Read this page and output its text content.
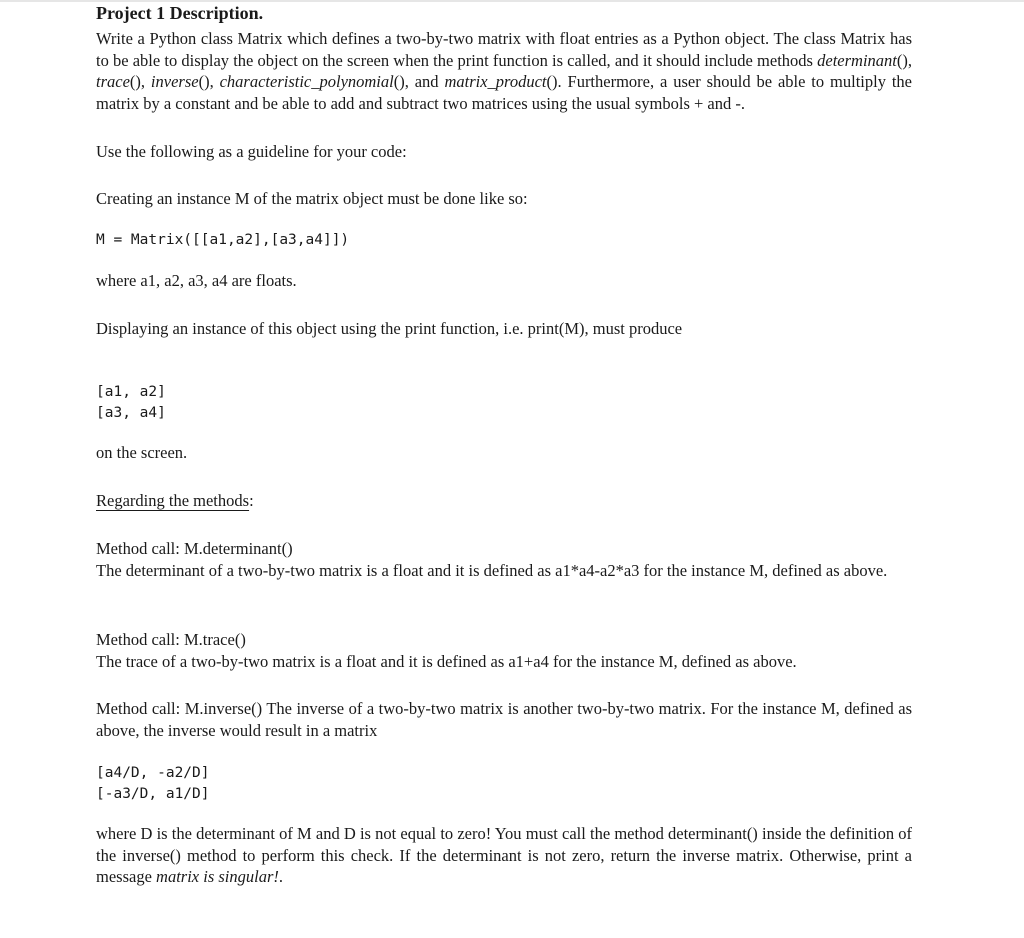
Project 1 Description.
Write a Python class Matrix which defines a two-by-two matrix with float entries as a Python object. The class Matrix has to be able to display the object on the screen when the print function is called, and it should include methods determinant(), trace(), inverse(), characteristic_polynomial(), and matrix_product(). Furthermore, a user should be able to multiply the matrix by a constant and be able to add and subtract two matrices using the usual symbols + and -.
Use the following as a guideline for your code:
Creating an instance M of the matrix object must be done like so:
M = Matrix([[a1,a2],[a3,a4]])
where a1, a2, a3, a4 are floats.
Displaying an instance of this object using the print function, i.e. print(M), must produce
[a1, a2]
[a3, a4]
on the screen.
Regarding the methods:
Method call: M.determinant()
The determinant of a two-by-two matrix is a float and it is defined as a1*a4-a2*a3 for the instance M, defined as above.
Method call: M.trace()
The trace of a two-by-two matrix is a float and it is defined as a1+a4 for the instance M, defined as above.
Method call: M.inverse() The inverse of a two-by-two matrix is another two-by-two matrix. For the instance M, defined as above, the inverse would result in a matrix
[a4/D, -a2/D]
[-a3/D, a1/D]
where D is the determinant of M and D is not equal to zero! You must call the method determinant() inside the definition of the inverse() method to perform this check. If the determinant is not zero, return the inverse matrix. Otherwise, print a message matrix is singular!.
